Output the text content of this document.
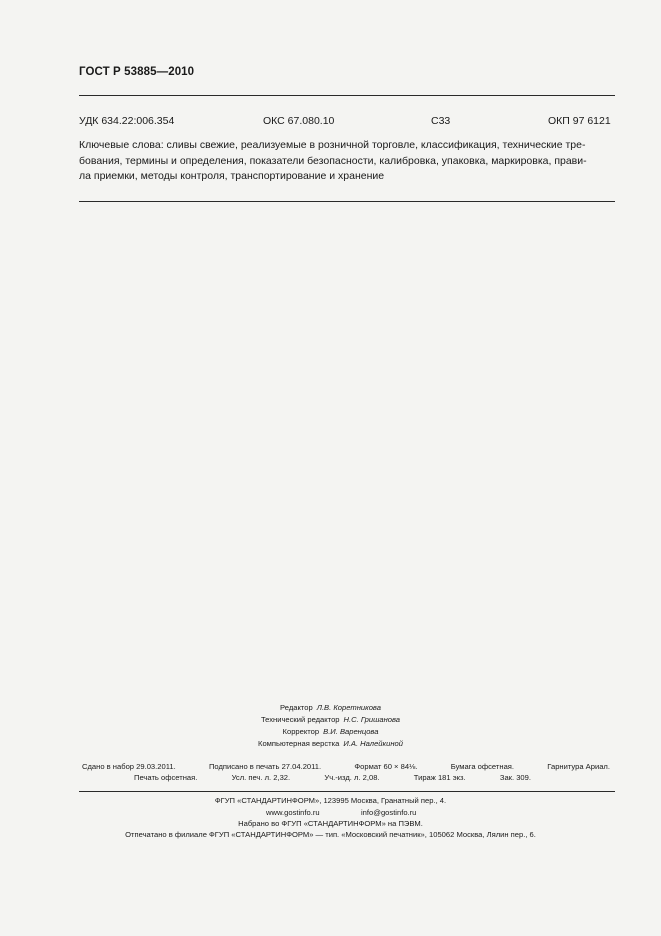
ГОСТ Р 53885—2010
УДК 634.22:006.354	ОКС 67.080.10	С33	ОКП 97 6121
Ключевые слова: сливы свежие, реализуемые в розничной торговле, классификация, технические тре-
бования, термины и определения, показатели безопасности, калибровка, упаковка, маркировка, прави-
ла приемки, методы контроля, транспортирование и хранение
Редактор Л.В. Коретникова
Технический редактор Н.С. Гришанова
Корректор В.И. Варенцова
Компьютерная верстка И.А. Налейкиной
Сдано в набор 29.03.2011.	Подписано в печать 27.04.2011.	Формат 60 × 84⅛.	Бумага офсетная.	Гарнитура Ариал.
Печать офсетная.	Усл. печ. л. 2,32.	Уч.-изд. л. 2,08.	Тираж 181 экз.	Зак. 309.
ФГУП «СТАНДАРТИНФОРМ», 123995 Москва, Гранатный пер., 4.
www.gostinfo.ru	info@gostinfo.ru
Набрано во ФГУП «СТАНДАРТИНФОРМ» на ПЭВМ.
Отпечатано в филиале ФГУП «СТАНДАРТИНФОРМ» — тип. «Московский печатник», 105062 Москва, Лялин пер., 6.
